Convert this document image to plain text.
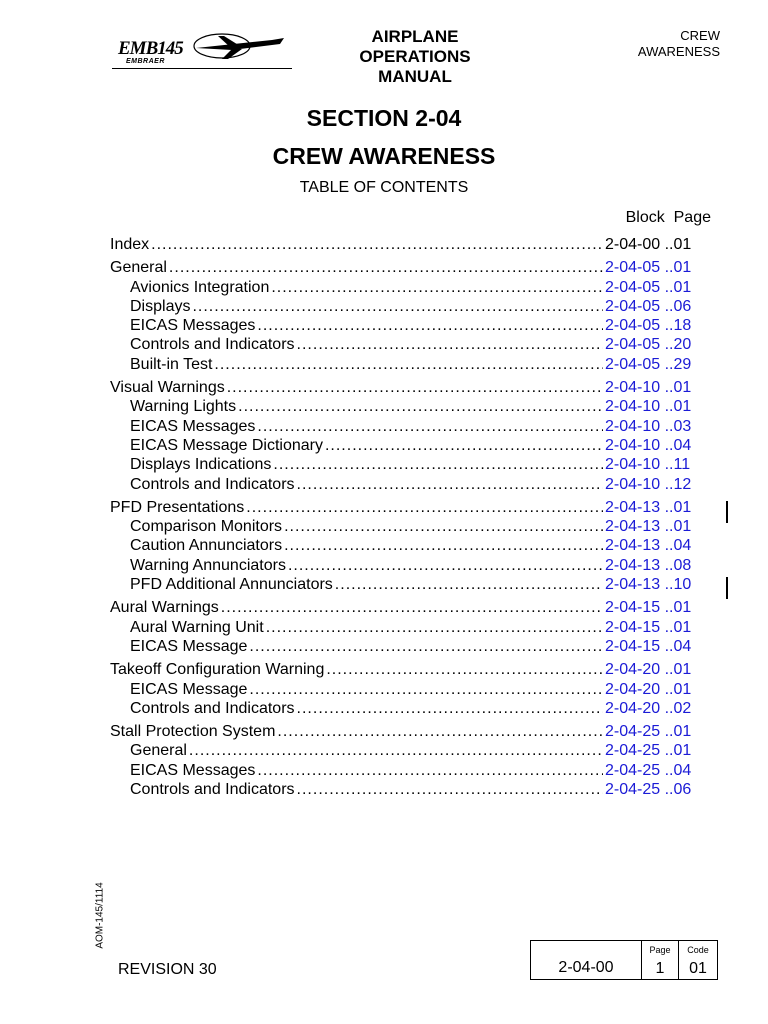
EMB145
EMBRAER
AIRPLANE
OPERATIONS
MANUAL
CREW
AWARENESS
SECTION 2-04
CREW AWARENESS
TABLE OF CONTENTS
Block  Page
Index .....	2-04-00 ..01
General .....	2-04-05 ..01
Avionics Integration .....	2-04-05 ..01
Displays .....	2-04-05 ..06
EICAS Messages .....	2-04-05 ..18
Controls and Indicators .....	2-04-05 ..20
Built-in Test .....	2-04-05 ..29
Visual Warnings .....	2-04-10 ..01
Warning Lights .....	2-04-10 ..01
EICAS Messages .....	2-04-10 ..03
EICAS Message Dictionary .....	2-04-10 ..04
Displays Indications .....	2-04-10 ..11
Controls and Indicators .....	2-04-10 ..12
PFD Presentations .....	2-04-13 ..01
Comparison Monitors .....	2-04-13 ..01
Caution Annunciators .....	2-04-13 ..04
Warning Annunciators .....	2-04-13 ..08
PFD Additional Annunciators .....	2-04-13 ..10
Aural Warnings .....	2-04-15 ..01
Aural Warning Unit .....	2-04-15 ..01
EICAS Message .....	2-04-15 ..04
Takeoff Configuration Warning .....	2-04-20 ..01
EICAS Message .....	2-04-20 ..01
Controls and Indicators .....	2-04-20 ..02
Stall Protection System .....	2-04-25 ..01
General .....	2-04-25 ..01
EICAS Messages .....	2-04-25 ..04
Controls and Indicators .....	2-04-25 ..06
AOM-145/1114
REVISION 30	2-04-00
Page
1
Code
01
